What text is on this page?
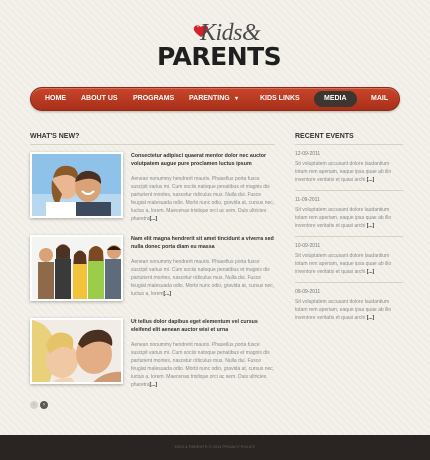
Kids&
PARENTS
HOME ABOUT US PROGRAMS PARENTING ▾	KIDS LINKS	MEDIA	MAIL
WHAT'S NEW?
Consectetur adipisci quaerat mentor dolor nec auctor volutpatem augue pure proclamen luctus ipsum
Aenean nonummy hendrerit mauris. Phasellus porta fusce suscipit varius mi. Cum sociis natoque penatibus et magnis dis parturient montes, nascetur ridiculus mus. Nulla dui. Fusce feugiat malesuada odio. Morbi nunc odio, gravida at, cursus nec, luctus a, lorem. Maecenas tristique orci ac sem. Duis ultricies pharetra[...]
Nam elit magna hendrerit sit amet tincidunt a viverra sed nulla donec porta diam eu massa
Aenean nonummy hendrerit mauris. Phasellus porta fusce suscipit varius mi. Cum sociis natoque penatibus et magnis dis parturient montes, nascetur ridiculus mus. Nulla dui. Fusce feugiat malesuada odio. Morbi nunc odio, gravida at, cursus nec, luctus a, lorem[...]
Ut tellus dolor dapibus eget elementum vel cursus eleifend elit aenean auctor wisi et urna
Aenean nonummy hendrerit mauris. Phasellus porta fusce suscipit varius mi. Cum sociis natoque penatibus et magnis dis parturient montes, nascetur ridiculus mus. Nulla dui. Fusce feugiat malesuada odio. Morbi nunc odio, gravida at, cursus nec, luctus a, lorem. Maecenas tristique orci ac sem. Duis ultricies pharetra[...]
‹	›
RECENT EVENTS
12-09-2011
Sit voluptatem accusant dolore laudantium totam rem aperiam, eaque ipsa quae ab illo inventore veritatis et quasi archi [...]
11-09-2011
Sit voluptatem accusant dolore laudantium totam rem aperiam, eaque ipsa quae ab illo inventore veritatis et quasi archi [...]
10-09-2011
Sit voluptatem accusant dolore laudantium totam rem aperiam, eaque ipsa quae ab illo inventore veritatis et quasi archi [...]
09-09-2011
Sit voluptatem accusant dolore laudantium totam rem aperiam, eaque ipsa quae ab illo inventore veritatis et quasi archi [...]
KIDS & PARENTS © 2011 PRIVACY POLICY
